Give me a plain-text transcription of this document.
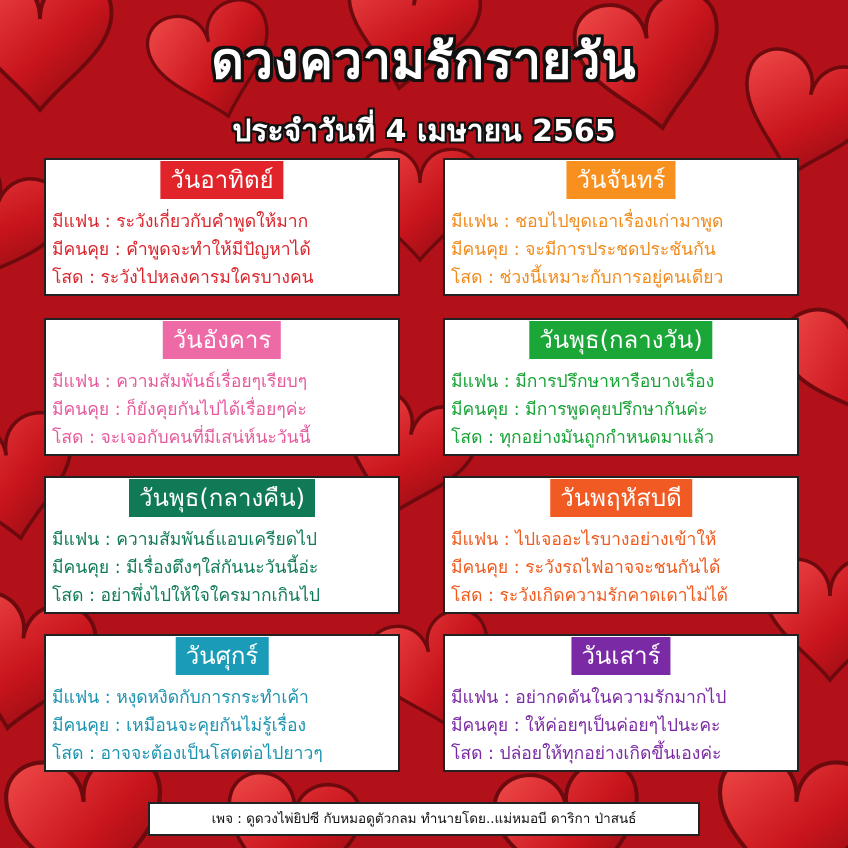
ดวงความรักรายวัน
ประจำวันที่ 4 เมษายน 2565
วันอาทิตย์
มีแฟน : ระวังเกี่ยวกับคำพูดให้มาก
มีคนคุย : คำพูดจะทำให้มีปัญหาได้
โสด : ระวังไปหลงคารมใครบางคน
วันจันทร์
มีแฟน : ชอบไปขุดเอาเรื่องเก่ามาพูด
มีคนคุย : จะมีการประชดประชันกัน
โสด : ช่วงนี้เหมาะกับการอยู่คนเดียว
วันอังคาร
มีแฟน : ความสัมพันธ์เรื่อยๆเรียบๆ
มีคนคุย : ก็ยังคุยกันไปได้เรื่อยๆค่ะ
โสด : จะเจอกับคนที่มีเสน่ห์นะวันนี้
วันพุธ(กลางวัน)
มีแฟน : มีการปรึกษาหารือบางเรื่อง
มีคนคุย : มีการพูดคุยปรึกษากันค่ะ
โสด : ทุกอย่างมันถูกกำหนดมาแล้ว
วันพุธ(กลางคืน)
มีแฟน : ความสัมพันธ์แอบเครียดไป
มีคนคุย : มีเรื่องตึงๆใส่กันนะวันนี้อ่ะ
โสด : อย่าพึ่งไปให้ใจใครมากเกินไป
วันพฤหัสบดี
มีแฟน : ไปเจออะไรบางอย่างเข้าให้
มีคนคุย : ระวังรถไฟอาจจะชนกันได้
โสด : ระวังเกิดความรักคาดเดาไม่ได้
วันศุกร์
มีแฟน : หงุดหงิดกับการกระทำเค้า
มีคนคุย : เหมือนจะคุยกันไม่รู้เรื่อง
โสด : อาจจะต้องเป็นโสดต่อไปยาวๆ
วันเสาร์
มีแฟน : อย่ากดดันในความรักมากไป
มีคนคุย : ให้ค่อยๆเป็นค่อยๆไปนะคะ
โสด : ปล่อยให้ทุกอย่างเกิดขึ้นเองค่ะ
เพจ : ดูดวงไพ่ยิปซี กับหมอดูตัวกลม ทำนายโดย..แม่หมอบี ดาริกา ป่าสนธ์
